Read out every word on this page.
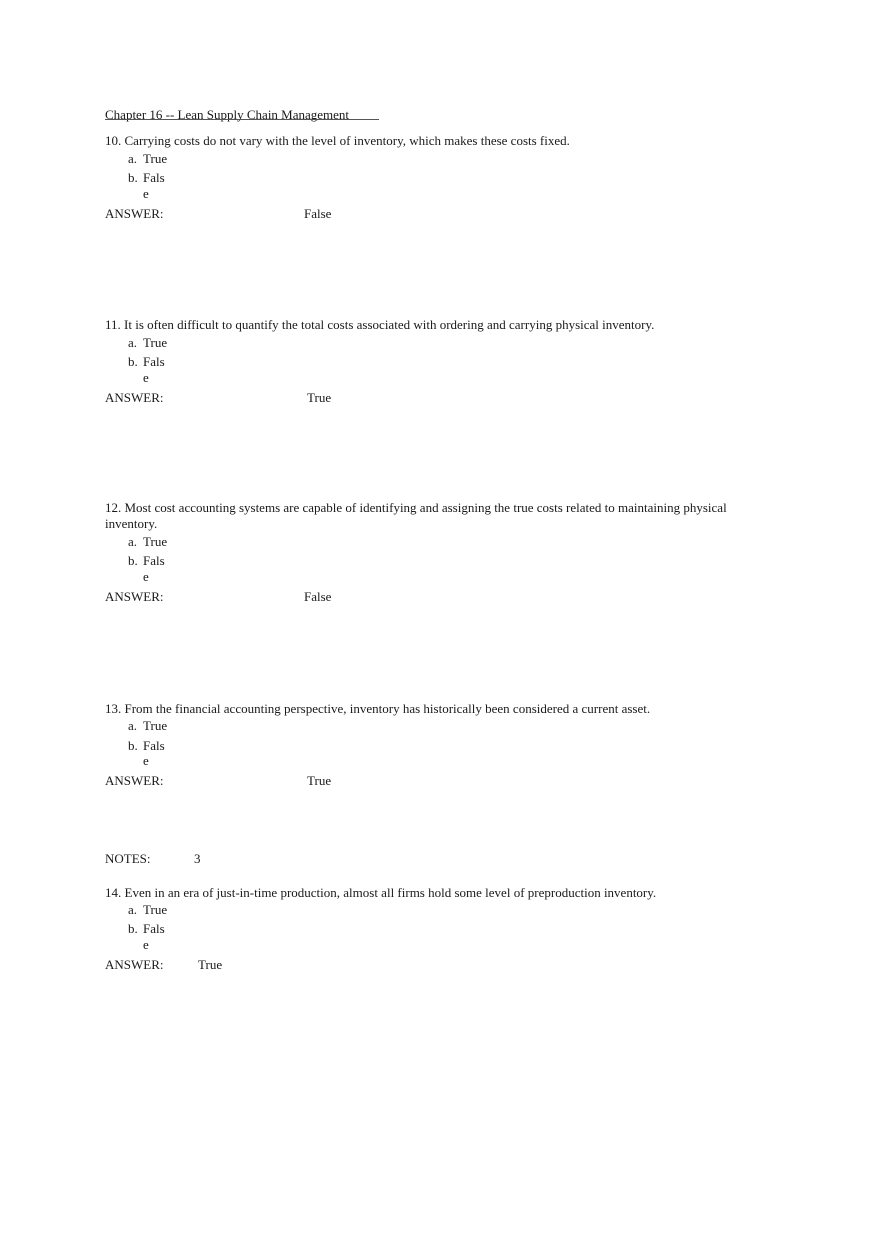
Chapter 16 -- Lean Supply Chain Management

10. Carrying costs do not vary with the level of inventory, which makes these costs fixed.

a. True
b. Fals
e
ANSWER:	False

11. It is often difficult to quantify the total costs associated with ordering and carrying physical inventory.

a. True
b. Fals
e
ANSWER:	True

12. Most cost accounting systems are capable of identifying and assigning the true costs related to maintaining physical inventory.

a. True
b. Fals
e
ANSWER:	False

13. From the financial accounting perspective, inventory has historically been considered a current asset.

a. True
b. Fals
e
ANSWER:	True
NOTES:	3

14. Even in an era of just-in-time production, almost all firms hold some level of preproduction inventory.

a. True
b. Fals
e
ANSWER:	True
